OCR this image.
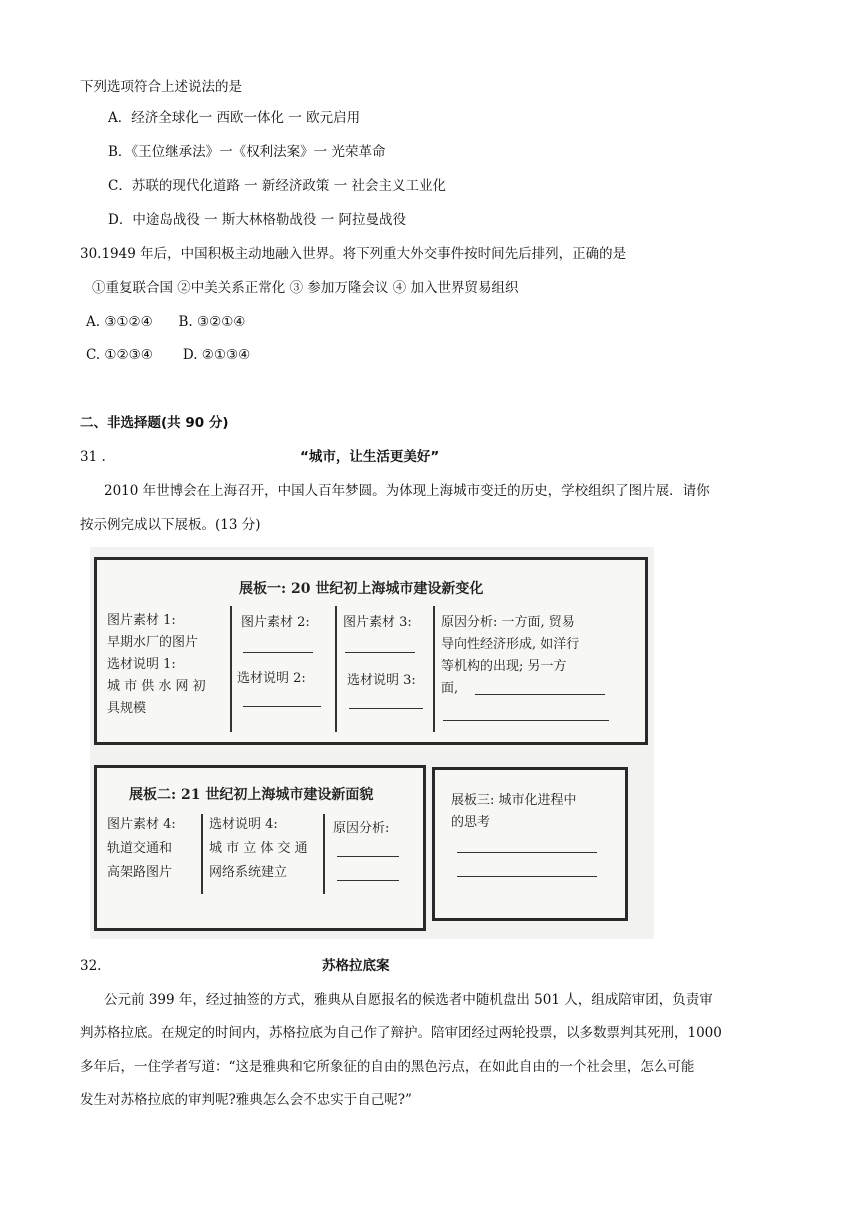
下列选项符合上述说法的是
A．经济全球化一 西欧一体化 一 欧元启用
B．《王位继承法》一《权利法案》一 光荣革命
C．苏联的现代化道路 一 新经济政策 一 社会主义工业化
D．中途岛战役 一 斯大林格勒战役 一 阿拉曼战役
30.1949 年后，中国积极主动地融入世界。将下列重大外交事件按时间先后排列，正确的是
①重复联合国 ②中美关系正常化 ③ 参加万隆会议 ④ 加入世界贸易组织
A. ③①②④      B. ③②①④
C. ①②③④       D. ②①③④
二、非选择题(共 90 分)
31 .	“城市，让生活更美好”
2010 年世博会在上海召开，中国人百年梦圆。为体现上海城市变迁的历史，学校组织了图片展．请你
按示例完成以下展板。(13 分)
展板一: 20 世纪初上海城市建设新变化
图片素材 1:
早期水厂的图片
选材说明 1:
城 市 供 水 网 初
具规模
图片素材 2:
选材说明 2:
图片素材 3:
选材说明 3:
原因分析: 一方面, 贸易
导向性经济形成, 如洋行
等机构的出现; 另一方
面,
展板二: 21 世纪初上海城市建设新面貌
图片素材 4:
轨道交通和
高架路图片
选材说明 4:
城 市 立 体 交 通
网络系统建立
原因分析:
展板三: 城市化进程中
的思考
32.	苏格拉底案
公元前 399 年，经过抽签的方式，雅典从自愿报名的候选者中随机盘出 501 人，组成陪审团，负责审
判苏格拉底。在规定的时间内，苏格拉底为自己作了辩护。陪审团经过两轮投票，以多数票判其死刑，1000
多年后，一住学者写道：“这是雅典和它所象征的自由的黑色污点，在如此自由的一个社会里，怎么可能
发生对苏格拉底的审判呢?雅典怎么会不忠实于自己呢?”
